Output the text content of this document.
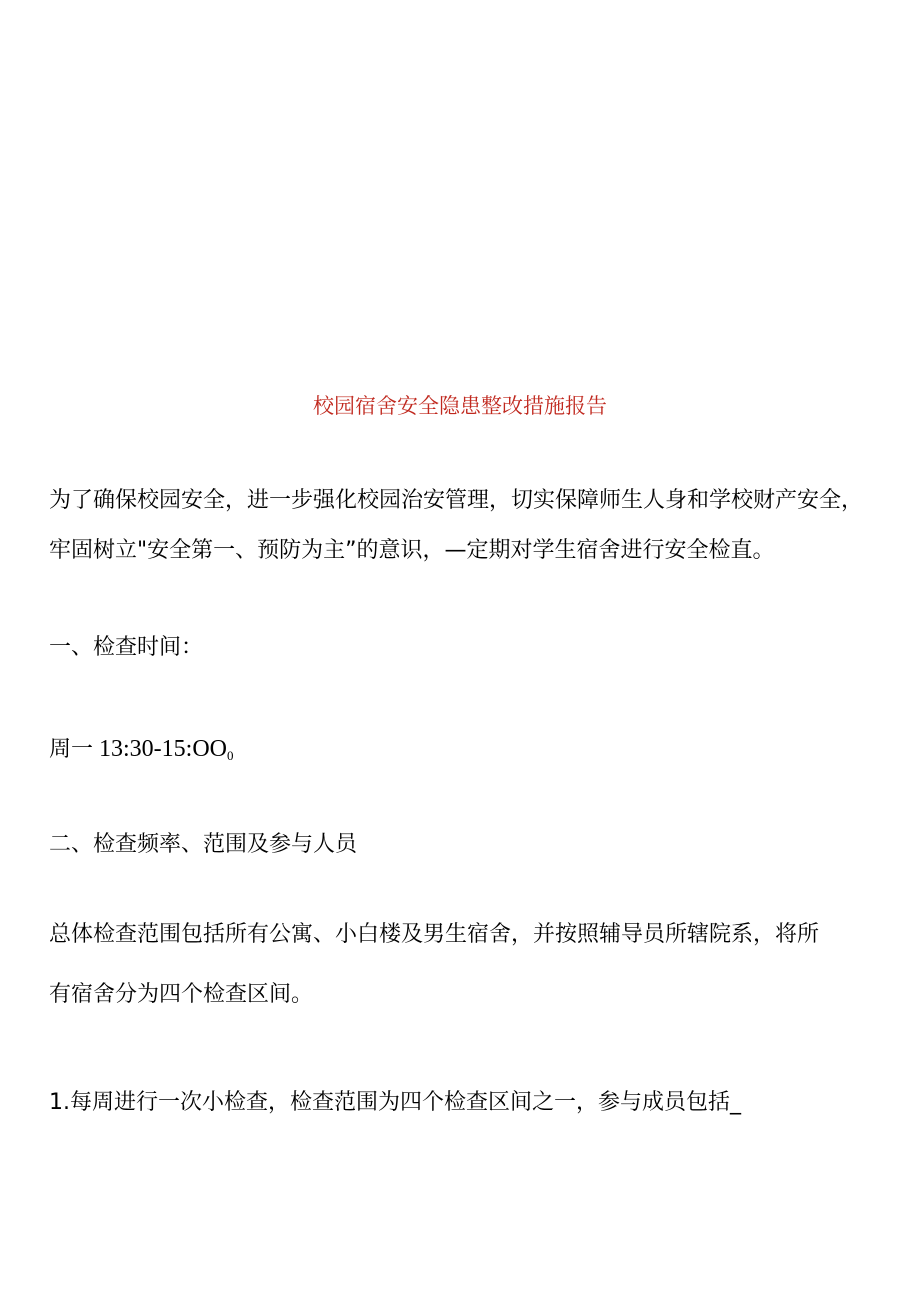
校园宿舍安全隐患整改措施报告
为了确保校园安全，进一步强化校园治安管理，切实保障师生人身和学校财产安全，
牢固树立"安全第一、预防为主”的意识，—定期对学生宿舍进行安全检直。
一、检查时间：
周一 $13:30-15:OO_0$
二、检查频率、范围及参与人员
总体检查范围包括所有公寓、小白楼及男生宿舍，并按照辅导员所辖院系，将所
有宿舍分为四个检查区间。
1.每周进行一次小检查，检查范围为四个检查区间之一，参与成员包括_
